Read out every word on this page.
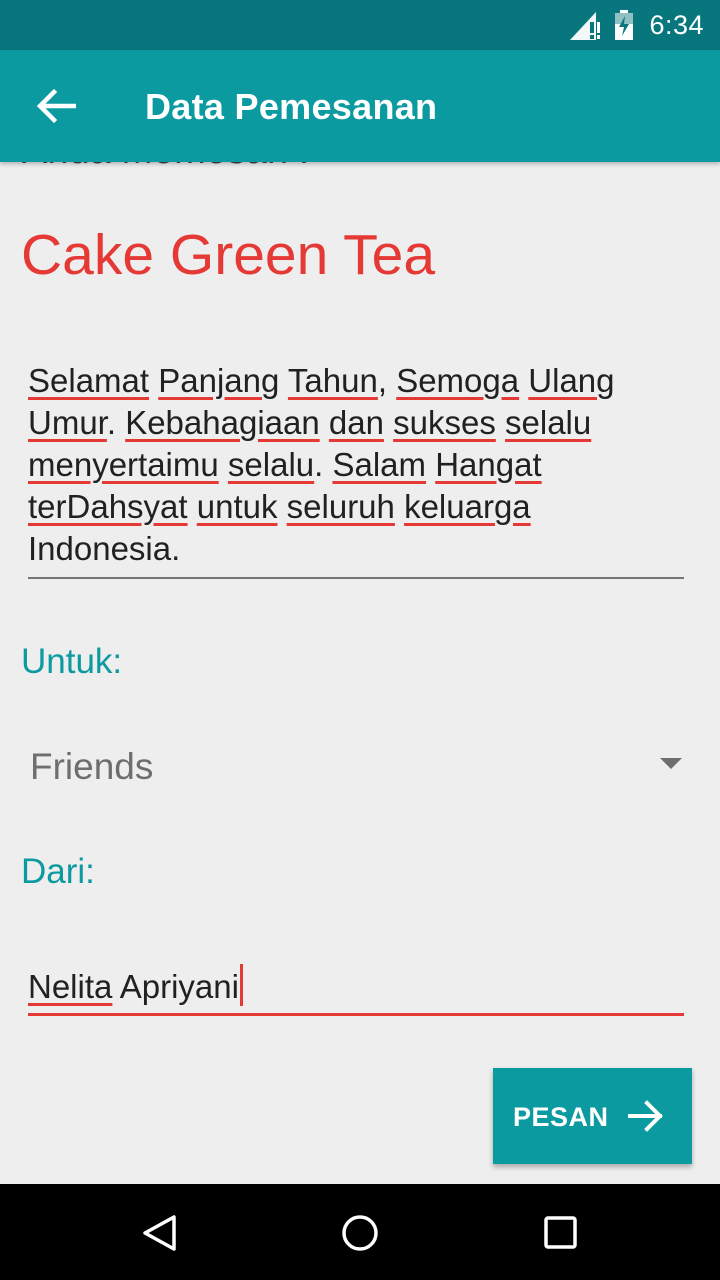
6:34
Data Pemesanan
Cake Green Tea
Selamat Panjang Tahun, Semoga Ulang Umur. Kebahagiaan dan sukses selalu menyertaimu selalu. Salam Hangat terDahsyat untuk seluruh keluarga Indonesia.
Untuk:
Friends
Dari:
Nelita Apriyani
PESAN
